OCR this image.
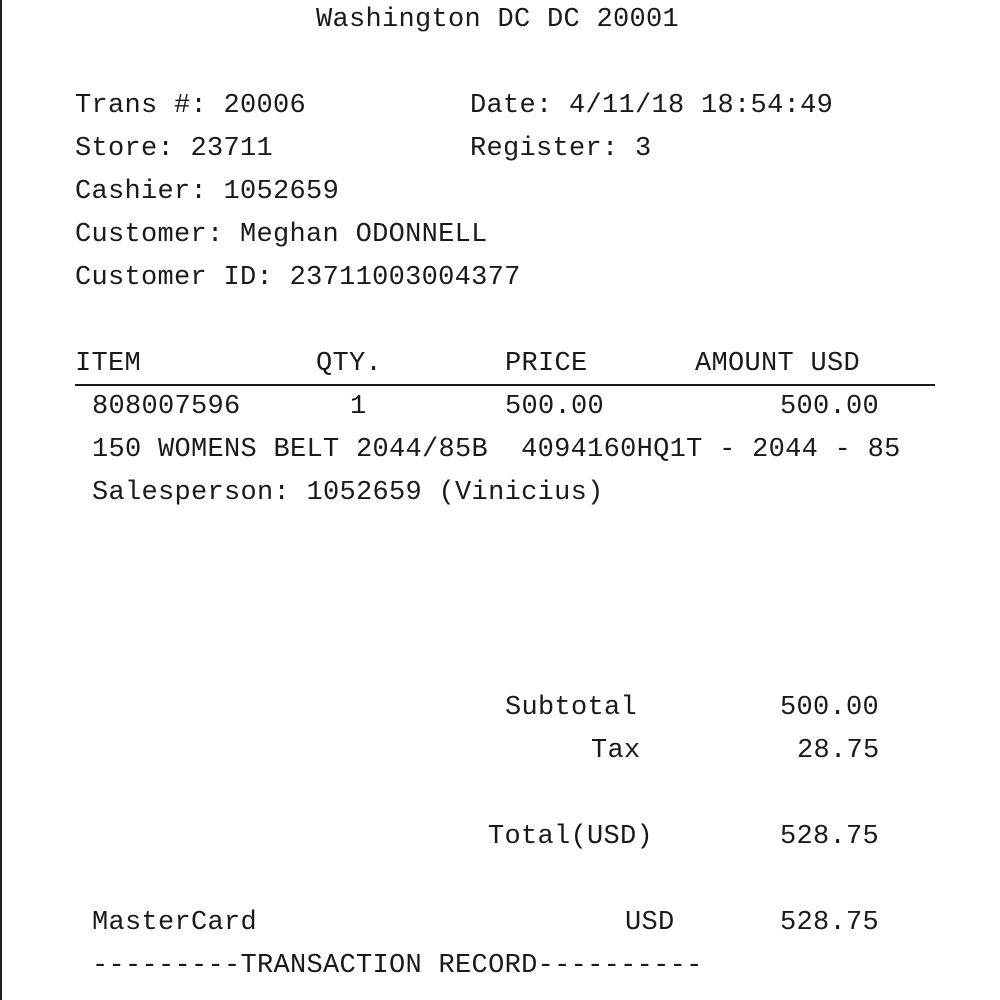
Washington DC DC 20001
Trans #: 20006	Date: 4/11/18 18:54:49
Store: 23711	Register: 3
Cashier: 1052659
Customer: Meghan ODONNELL
Customer ID: 23711003004377
ITEM	QTY.	PRICE	AMOUNT USD
808007596	1	500.00	500.00
150 WOMENS BELT 2044/85B  4094160HQ1T - 2044 - 85
Salesperson: 1052659 (Vinicius)
Subtotal	500.00
Tax	28.75
Total(USD)	528.75
MasterCard	USD	528.75
---------TRANSACTION RECORD----------
